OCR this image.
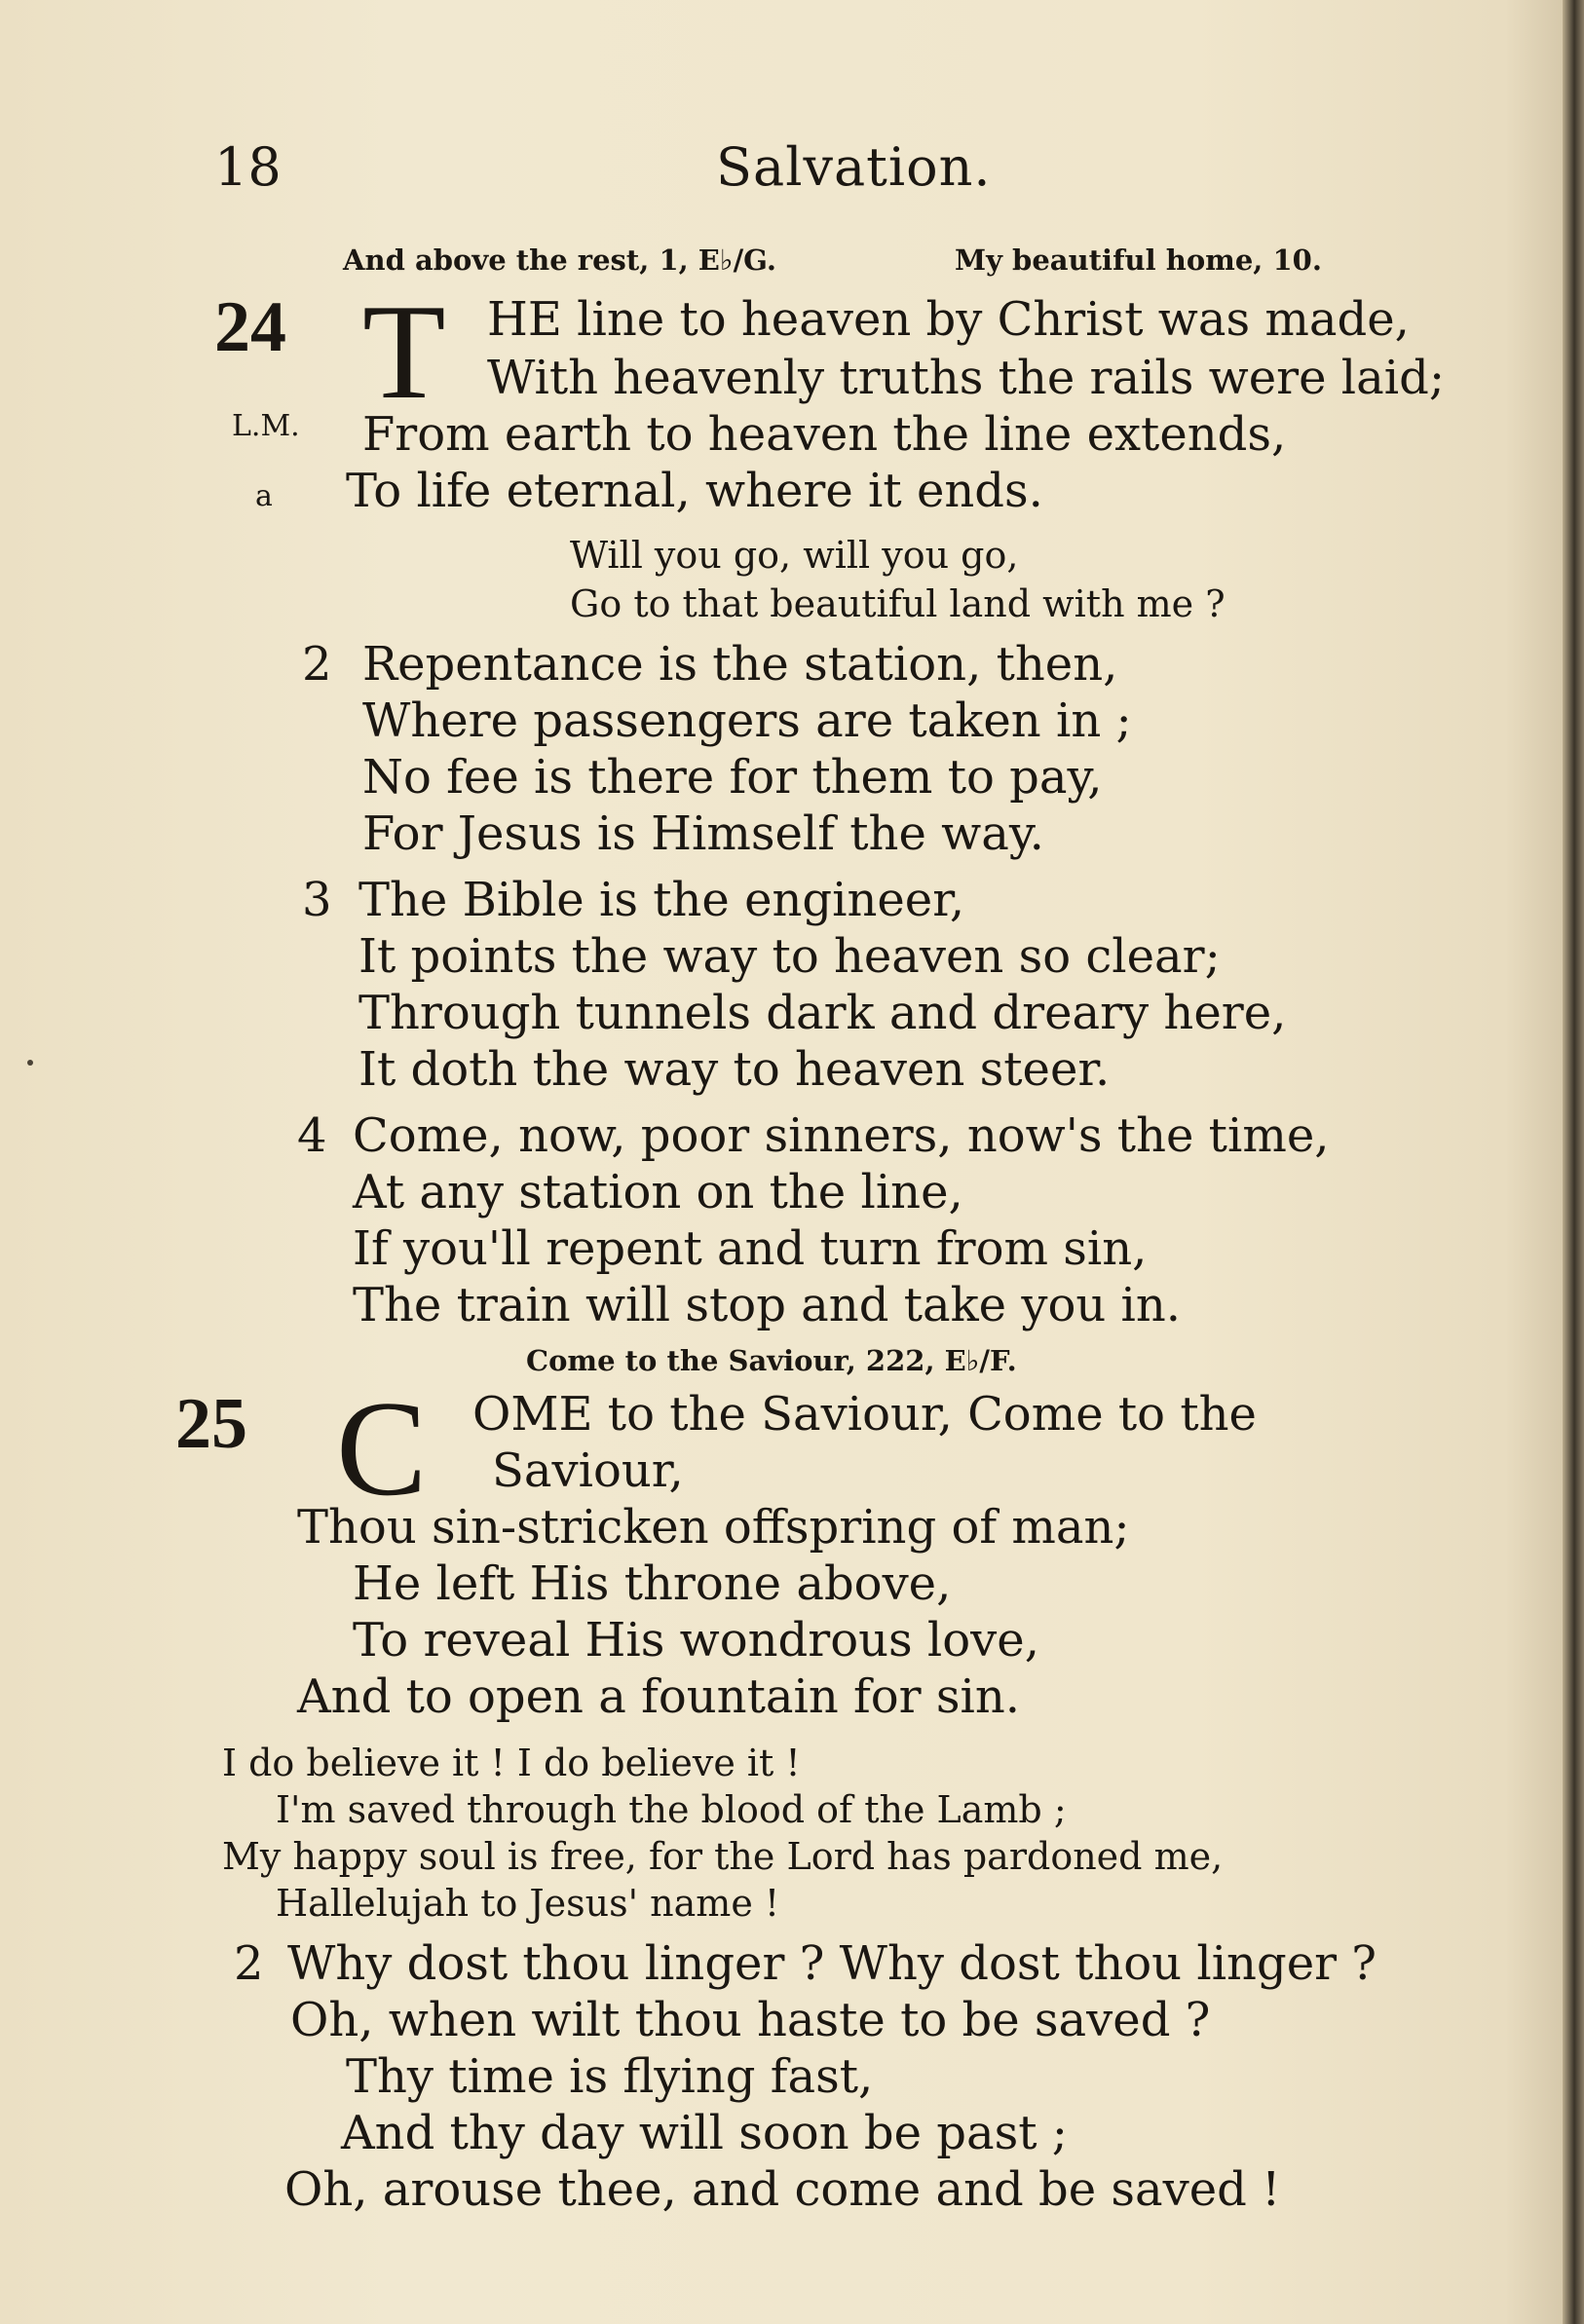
18	Salvation.
And above the rest, 1, E♭/G.	My beautiful home, 10.
24 T
L.M.
a
HE line to heaven by Christ was made,
With heavenly truths the rails were laid;
From earth to heaven the line extends,
To life eternal, where it ends.
Will you go, will you go,
Go to that beautiful land with me ?
2 Repentance is the station, then,
Where passengers are taken in ;
No fee is there for them to pay,
For Jesus is Himself the way.
3 The Bible is the engineer,
It points the way to heaven so clear;
Through tunnels dark and dreary here,
It doth the way to heaven steer.
4 Come, now, poor sinners, now's the time,
At any station on the line,
If you'll repent and turn from sin,
The train will stop and take you in.
Come to the Saviour, 222, E♭/F.
25 C OME to the Saviour, Come to the
Saviour,
Thou sin-stricken offspring of man;
He left His throne above,
To reveal His wondrous love,
And to open a fountain for sin.
I do believe it ! I do believe it !
I'm saved through the blood of the Lamb ;
My happy soul is free, for the Lord has pardoned me,
Hallelujah to Jesus' name !
2 Why dost thou linger ? Why dost thou linger ?
Oh, when wilt thou haste to be saved ?
Thy time is flying fast,
And thy day will soon be past ;
Oh, arouse thee, and come and be saved !
